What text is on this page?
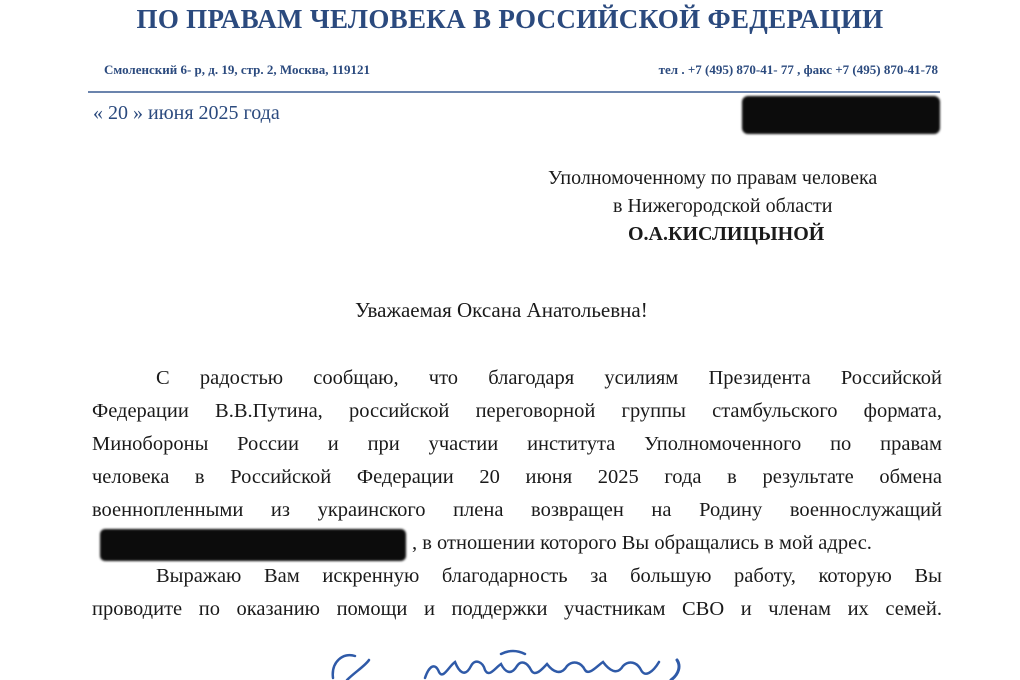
ПО ПРАВАМ ЧЕЛОВЕКА В РОССИЙСКОЙ ФЕДЕРАЦИИ
Смоленский 6- р, д. 19, стр. 2, Москва, 119121	тел . +7 (495) 870-41- 77 , факс +7 (495) 870-41-78
« 20 » июня 2025 года
Уполномоченному по правам человека
в Нижегородской области
О.А.КИСЛИЦЫНОЙ
Уважаемая Оксана Анатольевна!
С радостью сообщаю, что благодаря усилиям Президента Российской
Федерации В.В.Путина, российской переговорной группы стамбульского формата,
Минобороны России и при участии института Уполномоченного по правам
человека в Российской Федерации 20 июня 2025 года в результате обмена
военнопленными из украинского плена возвращен на Родину военнослужащий
, в отношении которого Вы обращались в мой адрес.
Выражаю Вам искренную благодарность за большую работу, которую Вы
проводите по оказанию помощи и поддержки участникам СВО и членам их семей.
